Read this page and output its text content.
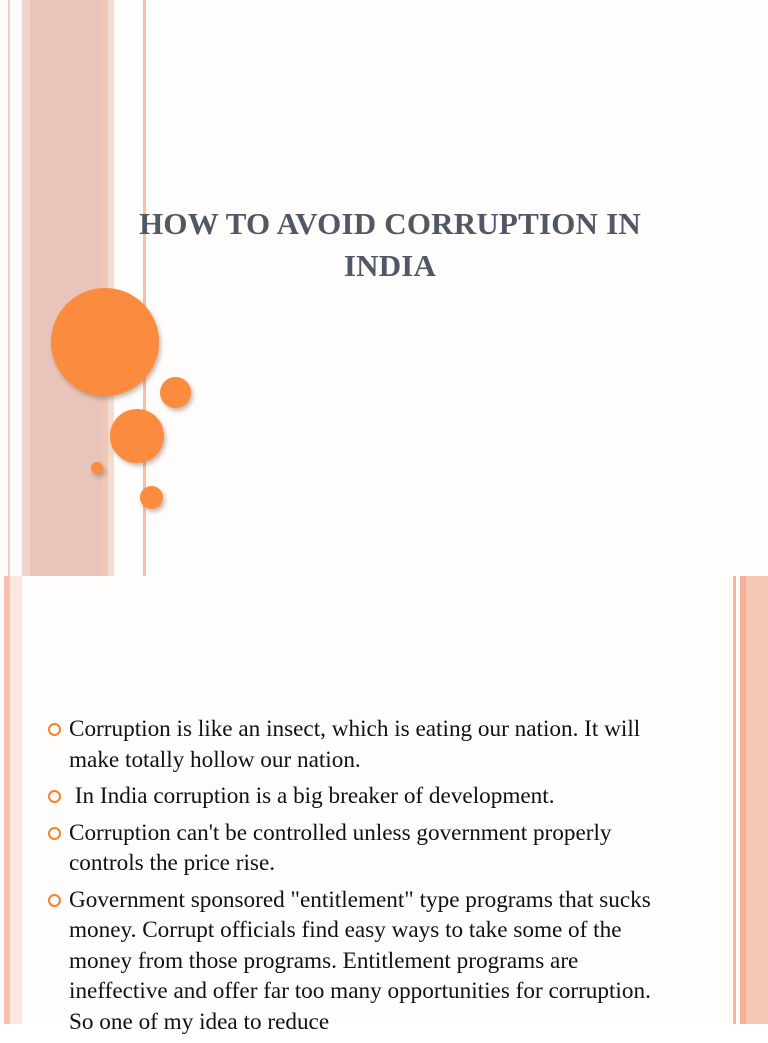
HOW TO AVOID CORRUPTION IN INDIA
Corruption is like an insect, which is eating our nation. It will make totally hollow our nation.
In India corruption is a big breaker of development.
Corruption can't be controlled unless government properly controls the price rise.
Government sponsored "entitlement" type programs that sucks money. Corrupt officials find easy ways to take some of the money from those programs. Entitlement programs are ineffective and offer far too many opportunities for corruption. So one of my idea to reduce
